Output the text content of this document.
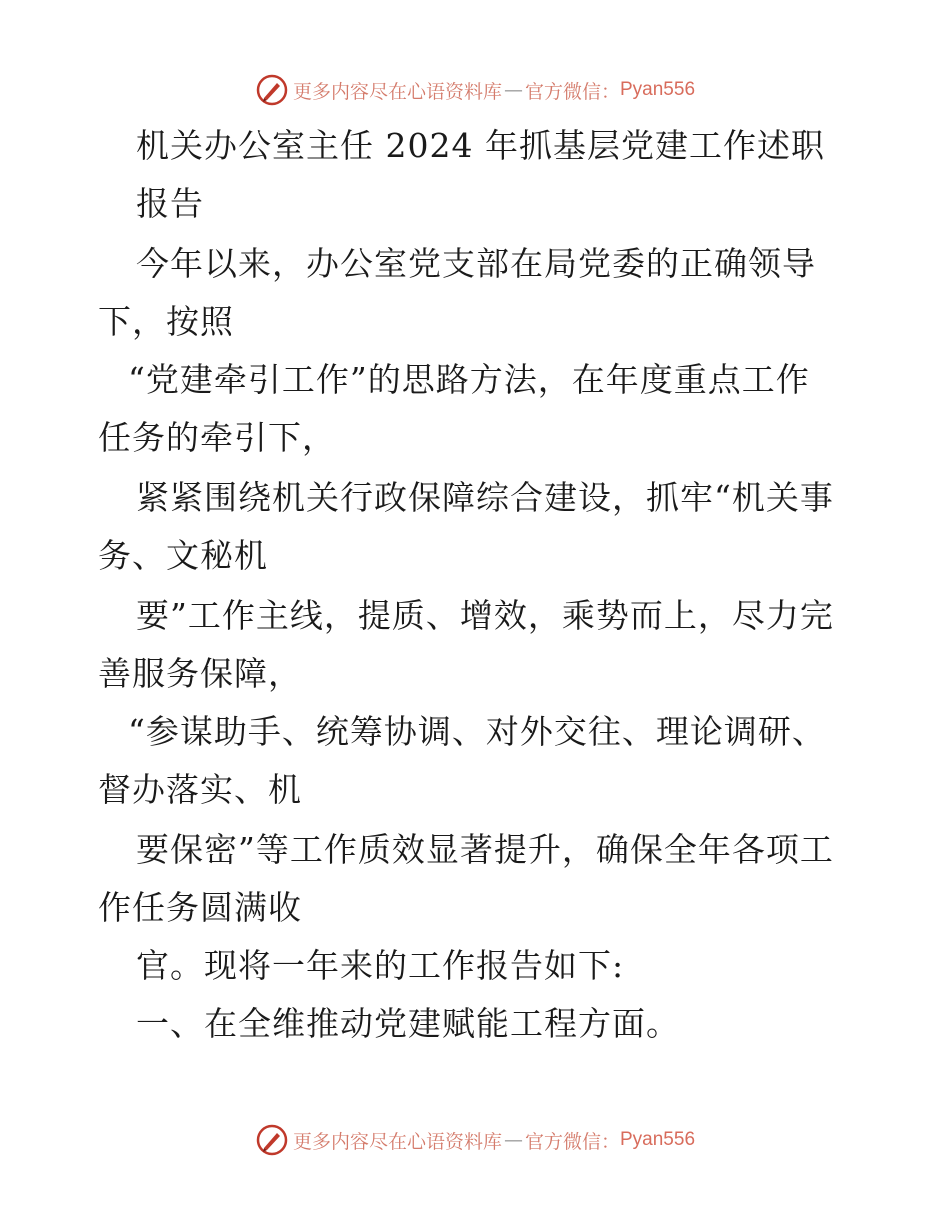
更多内容尽在心语资料库 — 官方微信： Pyan556
机关办公室主任 2024 年抓基层党建工作述职
报告
今年以来，办公室党支部在局党委的正确领导
下，按照
“党建牵引工作”的思路方法，在年度重点工作
任务的牵引下，
紧紧围绕机关行政保障综合建设，抓牢“机关事
务、文秘机
要”工作主线，提质、增效，乘势而上，尽力完
善服务保障，
“参谋助手、统筹协调、对外交往、理论调研、
督办落实、机
要保密”等工作质效显著提升，确保全年各项工
作任务圆满收
官。现将一年来的工作报告如下:
一、在全维推动党建赋能工程方面。
更多内容尽在心语资料库 — 官方微信： Pyan556
